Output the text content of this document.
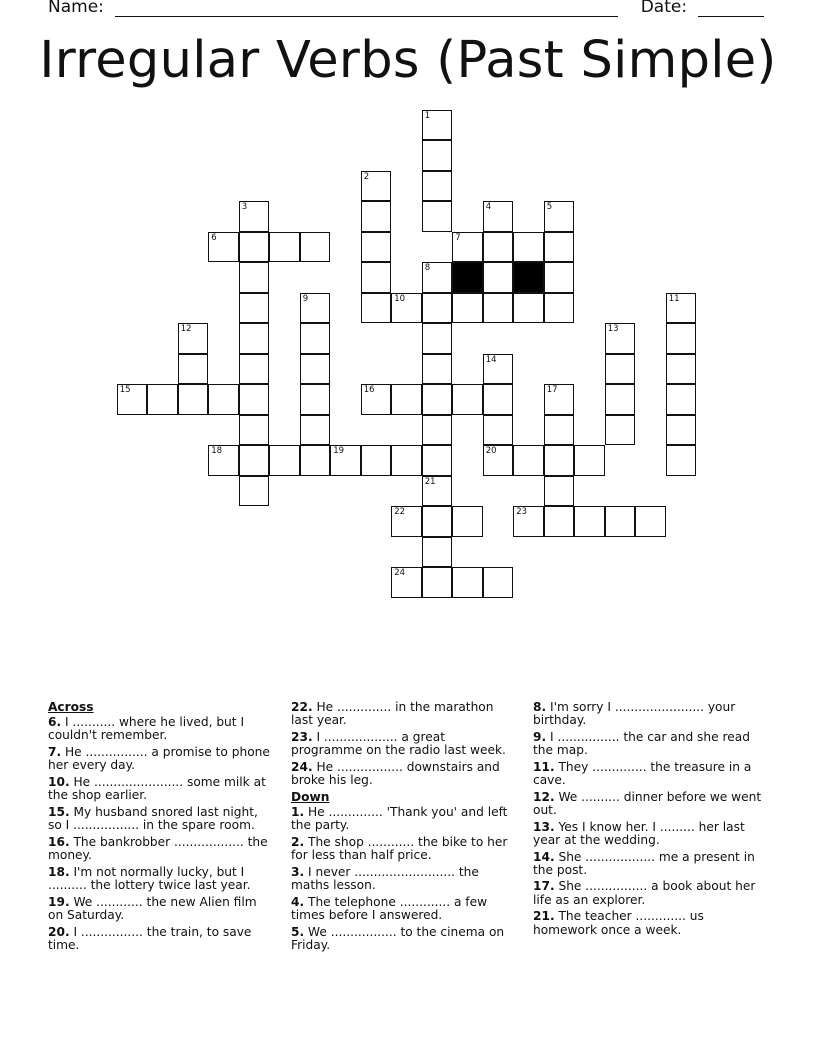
Name:	Date:
Irregular Verbs (Past Simple)
1
2
3	4	5
6	7
8
9	10	11
12	13
14
20
15	16	17
18	19
21
22	23
24
Across
6. I ........... where he lived, but I couldn't remember.
7. He ................ a promise to phone her every day.
10. He ....................... some milk at the shop earlier.
15. My husband snored last night, so I ................. in the spare room.
16. The bankrobber .................. the money.
18. I'm not normally lucky, but I .......... the lottery twice last year.
19. We ............ the new Alien film on Saturday.
20. I ................ the train, to save time.
22. He .............. in the marathon last year.
23. I ................... a great programme on the radio last week.
24. He ................. downstairs and broke his leg.
Down
1. He .............. 'Thank you' and left the party.
2. The shop ............ the bike to her for less than half price.
3. I never .......................... the maths lesson.
4. The telephone ............. a few times before I answered.
5. We ................. to the cinema on Friday.
8. I'm sorry I ....................... your birthday.
9. I ................ the car and she read the map.
11. They .............. the treasure in a cave.
12. We .......... dinner before we went out.
13. Yes I know her. I ......... her last year at the wedding.
14. She .................. me a present in the post.
17. She ................ a book about her life as an explorer.
21. The teacher ............. us homework once a week.
